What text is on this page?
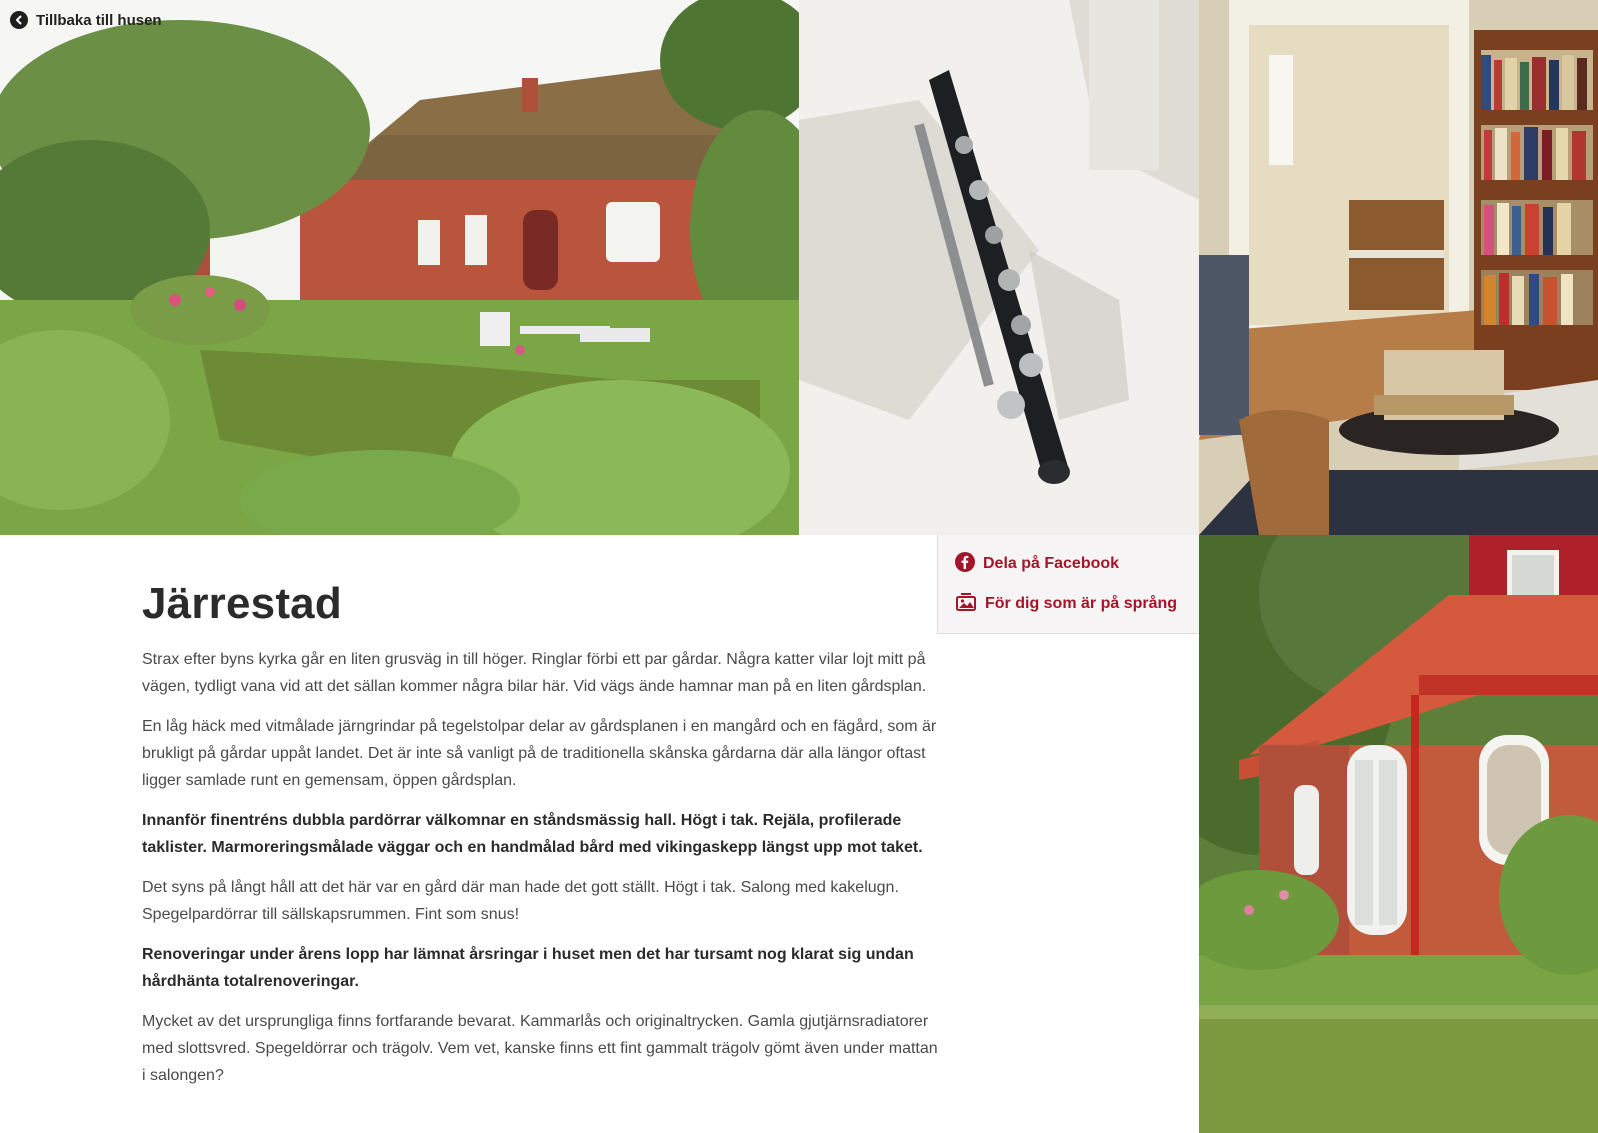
Tillbaka till husen
Dela på Facebook
För dig som är på språng
Järrestad

Strax efter byns kyrka går en liten grusväg in till höger. Ringlar förbi ett par gårdar. Några katter vilar lojt mitt på vägen, tydligt vana vid att det sällan kommer några bilar här. Vid vägs ände hamnar man på en liten gårdsplan.

En låg häck med vitmålade järngrindar på tegelstolpar delar av gårdsplanen i en mangård och en fägård, som är brukligt på gårdar uppåt landet. Det är inte så vanligt på de traditionella skånska gårdarna där alla längor oftast ligger samlade runt en gemensam, öppen gårdsplan.

Innanför finentréns dubbla pardörrar välkomnar en ståndsmässig hall. Högt i tak. Rejäla, profilerade taklister. Marmoreringsmålade väggar och en handmålad bård med vikingaskepp längst upp mot taket.

Det syns på långt håll att det här var en gård där man hade det gott ställt. Högt i tak. Salong med kakelugn. Spegelpardörrar till sällskapsrummen. Fint som snus!

Renoveringar under årens lopp har lämnat årsringar i huset men det har tursamt nog klarat sig undan hårdhänta totalrenoveringar.

Mycket av det ursprungliga finns fortfarande bevarat. Kammarlås och originaltrycken. Gamla gjutjärnsradiatorer med slottsvred. Spegeldörrar och trägolv. Vem vet, kanske finns ett fint gammalt trägolv gömt även under mattan i salongen?
